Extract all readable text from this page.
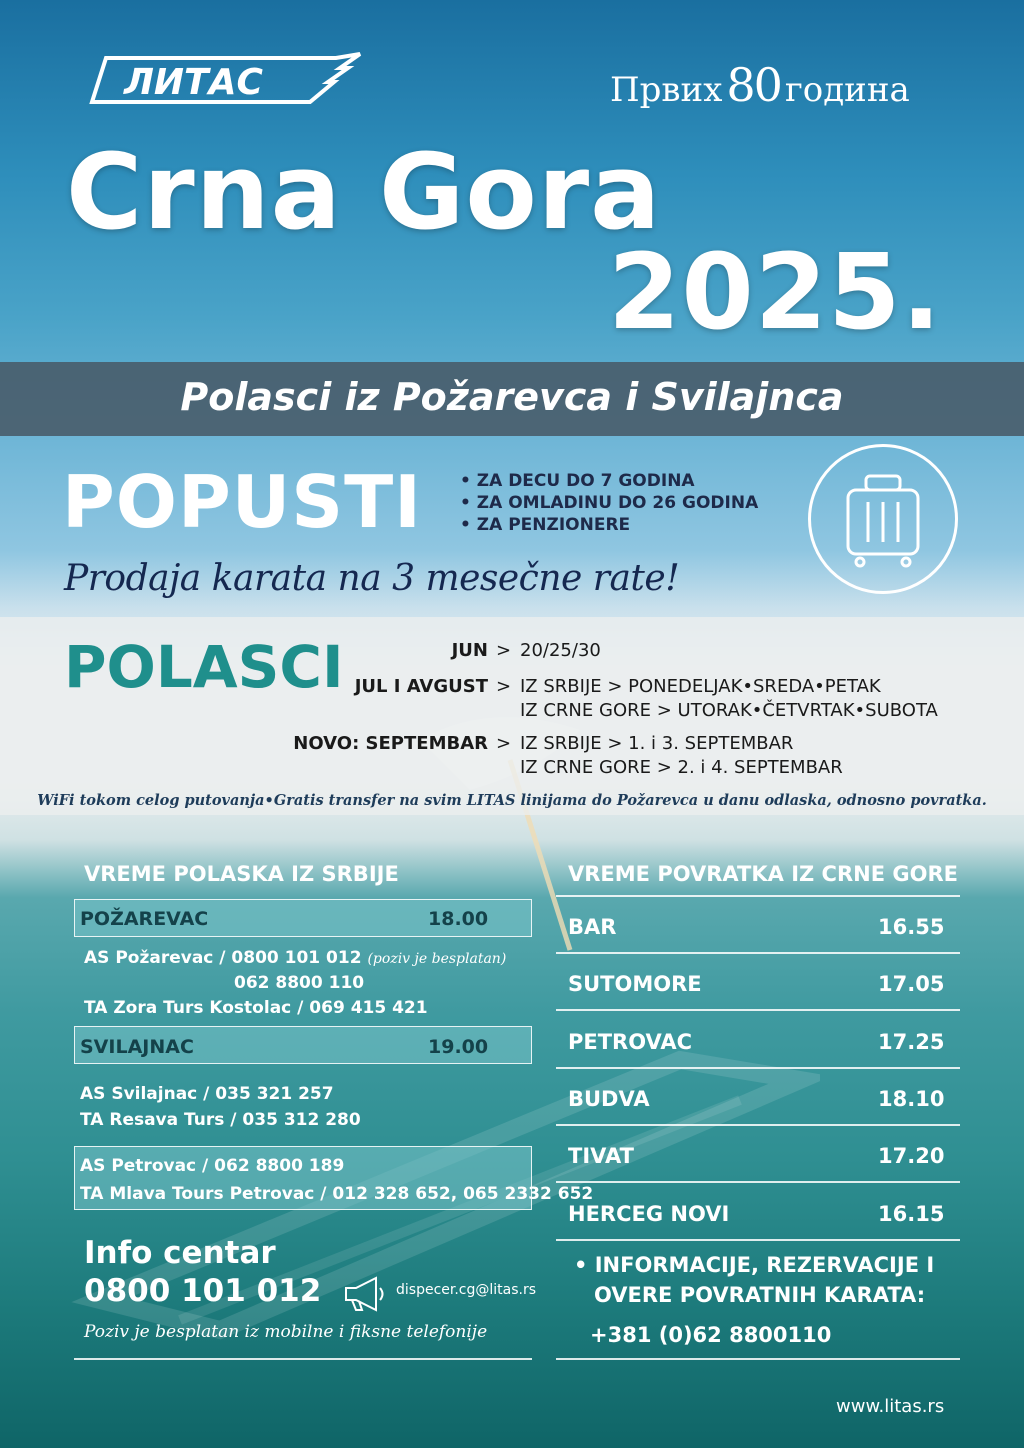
ЛИТАС	Првих80 година
Crna Gora
2025.
Polasci iz Požarevca i Svilajnca
POPUSTI
•	ZA DECU DO 7 GODINA
• ZA OMLADINU DO 26 GODINA
• ZA PENZIONERE
Prodaja karata na 3 mesečne rate!
POLASCI	JUN > 20/25/30
JUL I AVGUST > IZ SRBIJE > PONEDELJAK•SREDA•PETAK
IZ CRNE GORE > UTORAK•ČETVRTAK•SUBOTA
NOVO: SEPTEMBAR > IZ SRBIJE > 1. i 3. SEPTEMBAR
IZ CRNE GORE > 2. i 4. SEPTEMBAR
WiFi tokom celog putovanja•Gratis transfer na svim LITAS linijama do Požarevca u danu odlaska, odnosno povratka.
VREME POLASKA IZ SRBIJE
POŽAREVAC	18.00
AS Požarevac / 0800 101 012 (poziv je besplatan)
062 8800 110
TA Zora Turs Kostolac / 069 415 421
SVILAJNAC	19.00
AS Svilajnac / 035 321 257
TA Resava Turs / 035 312 280
AS Petrovac / 062 8800 189
TA Mlava Tours Petrovac / 012 328 652, 065 2332 652
Info centar
0800 101 012	dispecer.cg@litas.rs
Poziv je besplatan iz mobilne i fiksne telefonije
VREME POVRATKA IZ CRNE GORE
BAR	16.55
SUTOMORE	17.05
PETROVAC	17.25
BUDVA	18.10
TIVAT	17.20
HERCEG NOVI	16.15
• INFORMACIJE, REZERVACIJE I
OVERE POVRATNIH KARATA:
+381 (0)62 8800110
www.litas.rs
